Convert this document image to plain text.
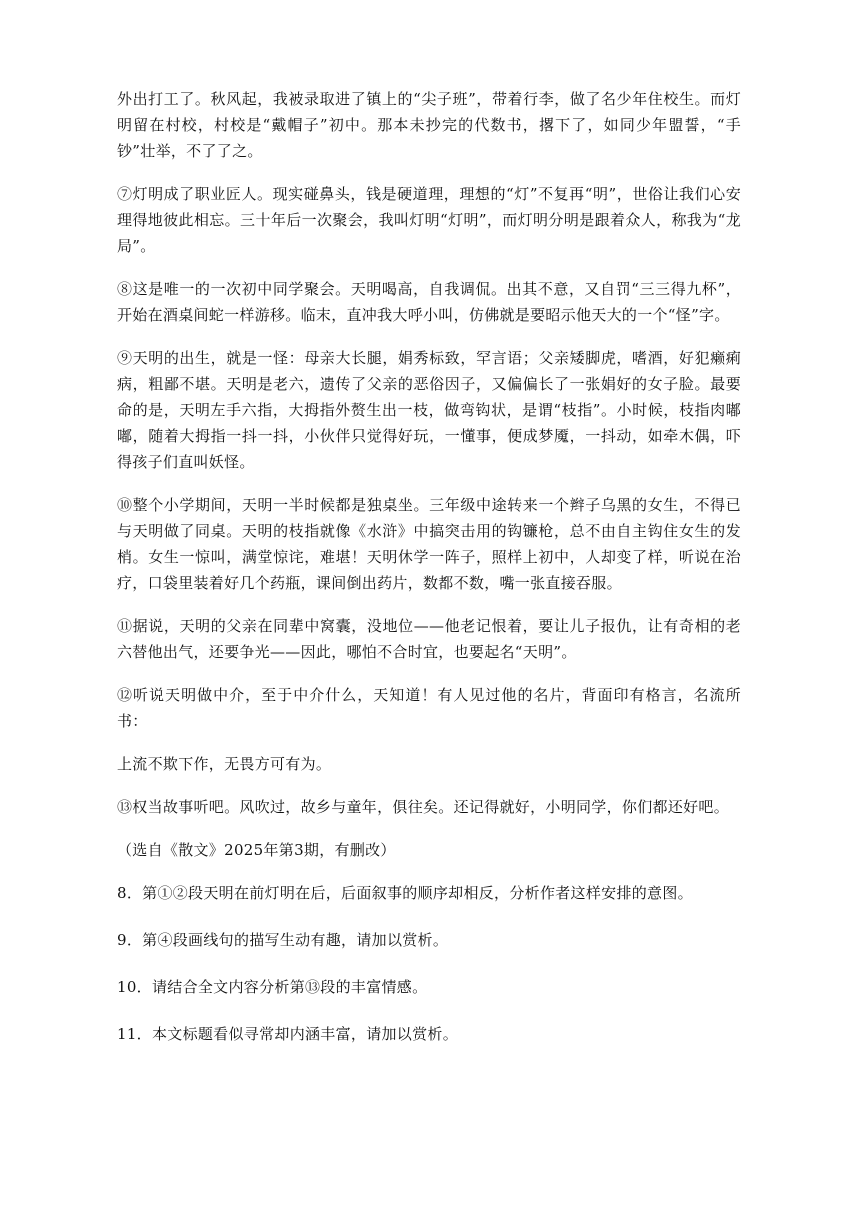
外出打工了。秋风起，我被录取进了镇上的“尖子班”，带着行李，做了名少年住校生。而灯明留在村校，村校是“戴帽子”初中。那本未抄完的代数书，撂下了，如同少年盟誓，“手钞”壮举，不了了之。

⑦灯明成了职业匠人。现实碰鼻头，钱是硬道理，理想的“灯”不复再“明”，世俗让我们心安理得地彼此相忘。三十年后一次聚会，我叫灯明“灯明”，而灯明分明是跟着众人，称我为“龙局”。

⑧这是唯一的一次初中同学聚会。天明喝高，自我调侃。出其不意，又自罚“三三得九杯”，开始在酒桌间蛇一样游移。临末，直冲我大呼小叫，仿佛就是要昭示他天大的一个“怪”字。

⑨天明的出生，就是一怪：母亲大长腿，娟秀标致，罕言语；父亲矮脚虎，嗜酒，好犯癞痢病，粗鄙不堪。天明是老六，遗传了父亲的恶俗因子，又偏偏长了一张娟好的女子脸。最要命的是，天明左手六指，大拇指外赘生出一枝，做弯钩状，是谓“枝指”。小时候，枝指肉嘟嘟，随着大拇指一抖一抖，小伙伴只觉得好玩，一懂事，便成梦魇，一抖动，如牵木偶，吓得孩子们直叫妖怪。

⑩整个小学期间，天明一半时候都是独桌坐。三年级中途转来一个辫子乌黑的女生，不得已与天明做了同桌。天明的枝指就像《水浒》中搞突击用的钩镰枪，总不由自主钩住女生的发梢。女生一惊叫，满堂惊诧，难堪！天明休学一阵子，照样上初中，人却变了样，听说在治疗，口袋里装着好几个药瓶，课间倒出药片，数都不数，嘴一张直接吞服。

⑪据说，天明的父亲在同辈中窝囊，没地位——他老记恨着，要让儿子报仇，让有奇相的老六替他出气，还要争光——因此，哪怕不合时宜，也要起名“天明”。

⑫听说天明做中介，至于中介什么，天知道！有人见过他的名片，背面印有格言，名流所书：

上流不欺下作，无畏方可有为。

⑬权当故事听吧。风吹过，故乡与童年，俱往矣。还记得就好，小明同学，你们都还好吧。

（选自《散文》2025年第3期，有删改）

8．第①②段天明在前灯明在后，后面叙事的顺序却相反，分析作者这样安排的意图。

9．第④段画线句的描写生动有趣，请加以赏析。

10．请结合全文内容分析第⑬段的丰富情感。

11．本文标题看似寻常却内涵丰富，请加以赏析。
